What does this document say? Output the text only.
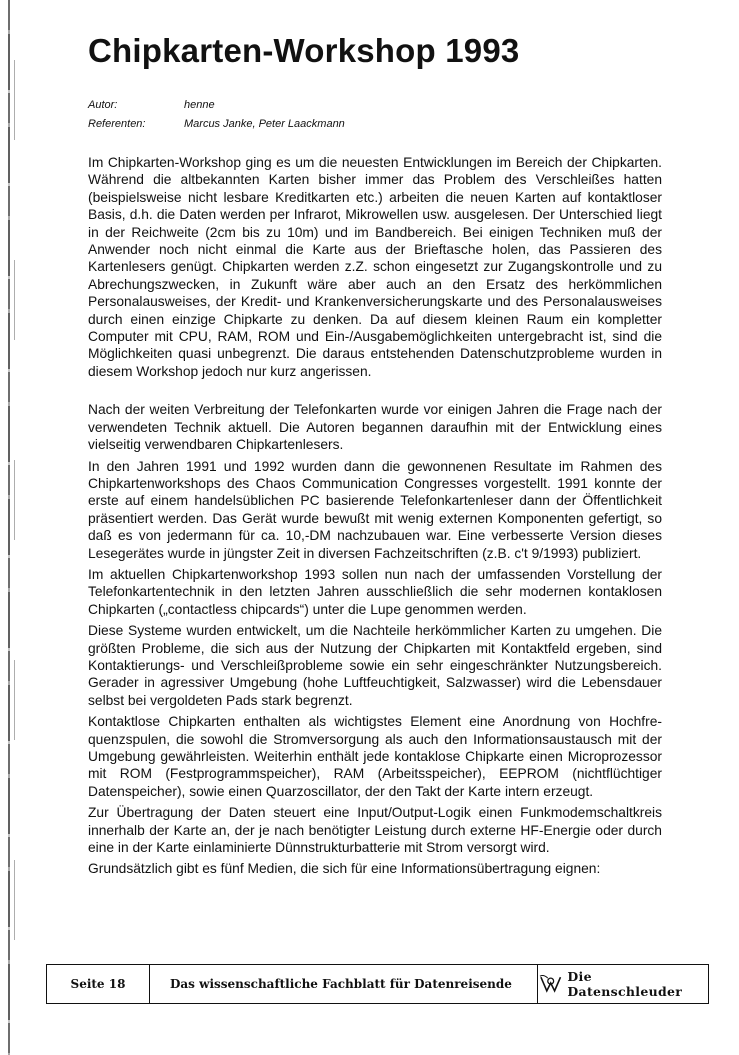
Chipkarten-Workshop 1993
Autor:	henne
Referenten:	Marcus Janke, Peter Laackmann

Im Chipkarten-Workshop ging es um die neuesten Entwicklungen im Bereich der Chipkarten. Während die altbekannten Karten bisher immer das Problem des Verschleißes hatten (beispielsweise nicht lesbare Kreditkarten etc.) arbeiten die neuen Karten auf kontaktloser Basis, d.h. die Daten werden per Infrarot, Mikrowellen usw. ausgelesen. Der Unterschied liegt in der Reichweite (2cm bis zu 10m) und im Bandbereich. Bei einigen Techniken muß der Anwender noch nicht einmal die Karte aus der Brieftasche holen, das Passieren des Kartenlesers genügt. Chipkarten werden z.Z. schon eingesetzt zur Zugangskontrolle und zu Abrechungszwecken, in Zukunft wäre aber auch an den Ersatz des herkömmlichen Personalausweises, der Kredit- und Krankenversicherungskarte und des Personalausweises durch einen einzige Chipkarte zu denken. Da auf diesem kleinen Raum ein kompletter Computer mit CPU, RAM, ROM und Ein-/Ausgabemöglichkeiten untergebracht ist, sind die Möglichkeiten quasi unbegrenzt. Die daraus entstehenden Datenschutzprobleme wurden in diesem Workshop jedoch nur kurz angerissen.

Nach der weiten Verbreitung der Telefonkarten wurde vor einigen Jahren die Frage nach der verwendeten Technik aktuell. Die Autoren begannen daraufhin mit der Entwicklung eines vielseitig verwendbaren Chipkartenlesers.

In den Jahren 1991 und 1992 wurden dann die gewonnenen Resultate im Rahmen des Chipkartenworkshops des Chaos Communication Congresses vorgestellt. 1991 konnte der erste auf einem handelsüblichen PC basierende Telefonkartenleser dann der Öffentlichkeit präsentiert werden. Das Gerät wurde bewußt mit wenig externen Komponenten gefertigt, so daß es von jedermann für ca. 10,-DM nachzubauen war. Eine verbesserte Version dieses Lesegerätes wurde in jüngster Zeit in diversen Fachzeitschriften (z.B. c't 9/1993) publiziert.

Im aktuellen Chipkartenworkshop 1993 sollen nun nach der umfassenden Vorstellung der Telefonkartentechnik in den letzten Jahren ausschließlich die sehr modernen kontaklosen Chipkarten („contactless chipcards“) unter die Lupe genommen werden.

Diese Systeme wurden entwickelt, um die Nachteile herkömmlicher Karten zu umgehen. Die größten Probleme, die sich aus der Nutzung der Chipkarten mit Kontaktfeld ergeben, sind Kontaktierungs- und Verschleißprobleme sowie ein sehr eingeschränkter Nutzungsbereich. Gerader in agressiver Umgebung (hohe Luftfeuchtigkeit, Salzwasser) wird die Lebensdauer selbst bei vergoldeten Pads stark begrenzt.

Kontaktlose Chipkarten enthalten als wichtigstes Element eine Anordnung von Hochfrequenzspulen, die sowohl die Stromversorgung als auch den Informationsaustausch mit der Umgebung gewährleisten. Weiterhin enthält jede kontaklose Chipkarte einen Microprozessor mit ROM (Festprogrammspeicher), RAM (Arbeitsspeicher), EEPROM (nichtflüchtiger Datenspeicher), sowie einen Quarzoscillator, der den Takt der Karte intern erzeugt.

Zur Übertragung der Daten steuert eine Input/Output-Logik einen Funkmodemschaltkreis innerhalb der Karte an, der je nach benötigter Leistung durch externe HF-Energie oder durch eine in der Karte einlaminierte Dünnstrukturbatterie mit Strom versorgt wird.

Grundsätzlich gibt es fünf Medien, die sich für eine Informationsübertragung eignen:

Seite 18	Das wissenschaftliche Fachblatt für Datenreisende	Die Datenschleuder
